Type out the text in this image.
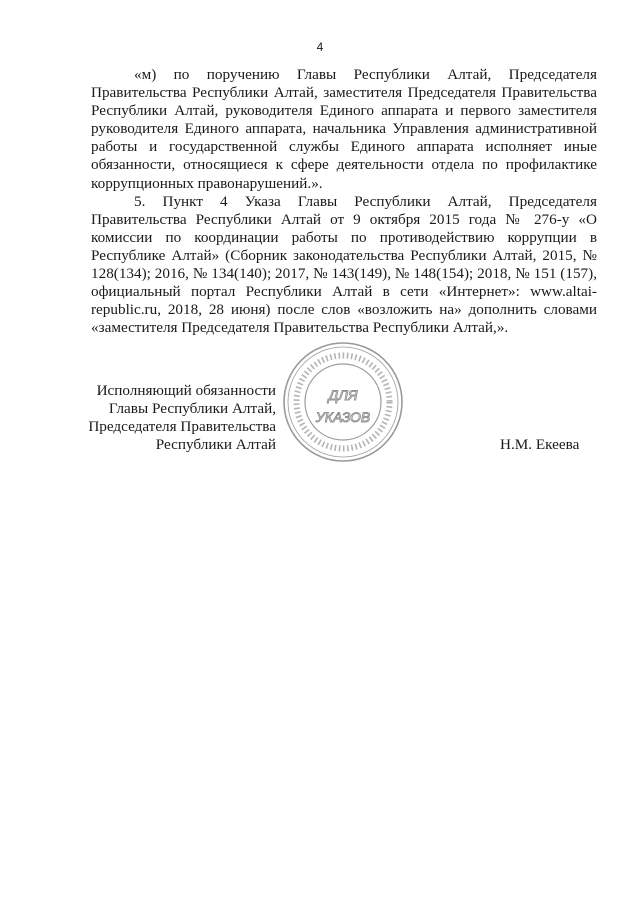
4

«м) по поручению Главы Республики Алтай, Председателя Правительства Республики Алтай, заместителя Председателя Правительства Республики Алтай, руководителя Единого аппарата и первого заместителя руководителя Единого аппарата, начальника Управления административной работы и государственной службы Единого аппарата исполняет иные обязанности, относящиеся к сфере деятельности отдела по профилактике коррупционных правонарушений.».

5. Пункт 4 Указа Главы Республики Алтай, Председателя Правительства Республики Алтай от 9 октября 2015 года № 276-у «О комиссии по координации работы по противодействию коррупции в Республике Алтай» (Сборник законодательства Республики Алтай, 2015, № 128(134); 2016, № 134(140); 2017, № 143(149), № 148(154); 2018, № 151 (157), официальный портал Республики Алтай в сети «Интернет»: www.altai-republic.ru, 2018, 28 июня) после слов «возложить на» дополнить словами «заместителя Председателя Правительства Республики Алтай,».

Исполняющий обязанности
Главы Республики Алтай,
Председателя Правительства
Республики Алтай
ДЛЯ
УКАЗОВ
Н.М. Екеева
